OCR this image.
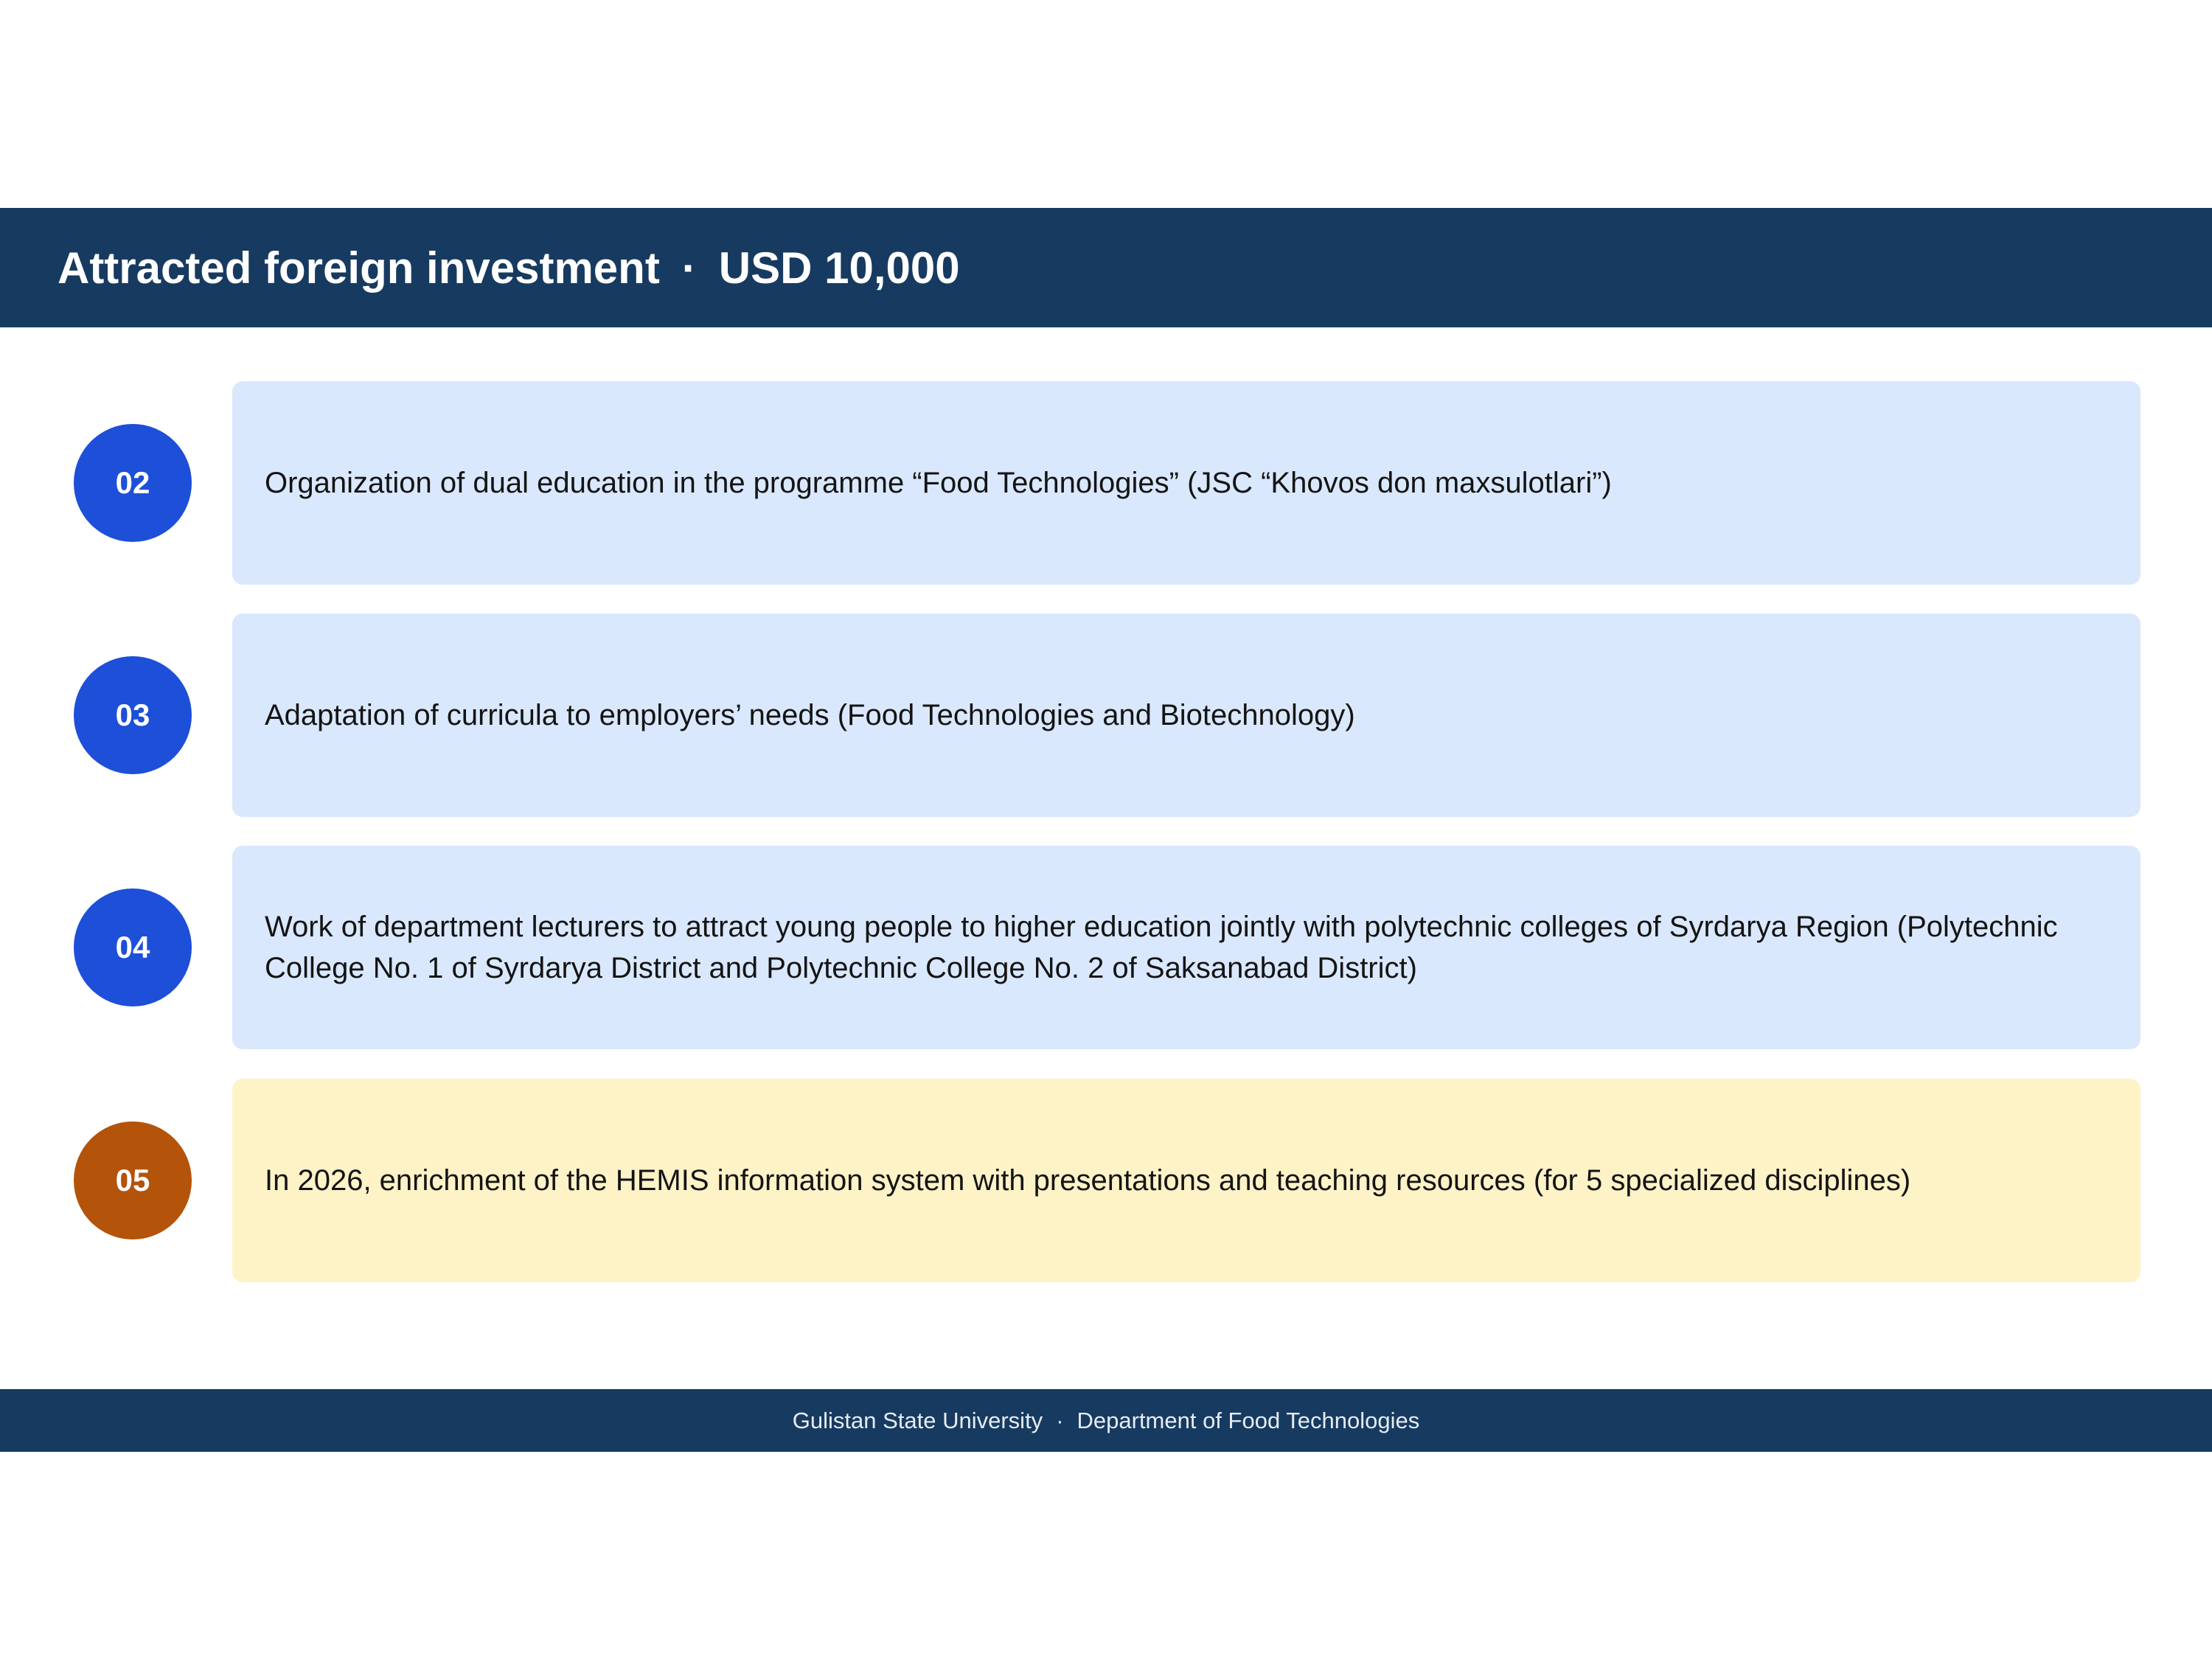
Attracted foreign investment · USD 10,000
02	Organization of dual education in the programme “Food Technologies” (JSC “Khovos don maxsulotlari”)
03	Adaptation of curricula to employers’ needs (Food Technologies and Biotechnology)
04
Work of department lecturers to attract young people to higher education jointly with polytechnic colleges of Syrdarya Region (Polytechnic College No. 1 of Syrdarya District and Polytechnic College No. 2 of Saksanabad District)
05	In 2026, enrichment of the HEMIS information system with presentations and teaching resources (for 5 specialized disciplines)
Gulistan State University · Department of Food Technologies
